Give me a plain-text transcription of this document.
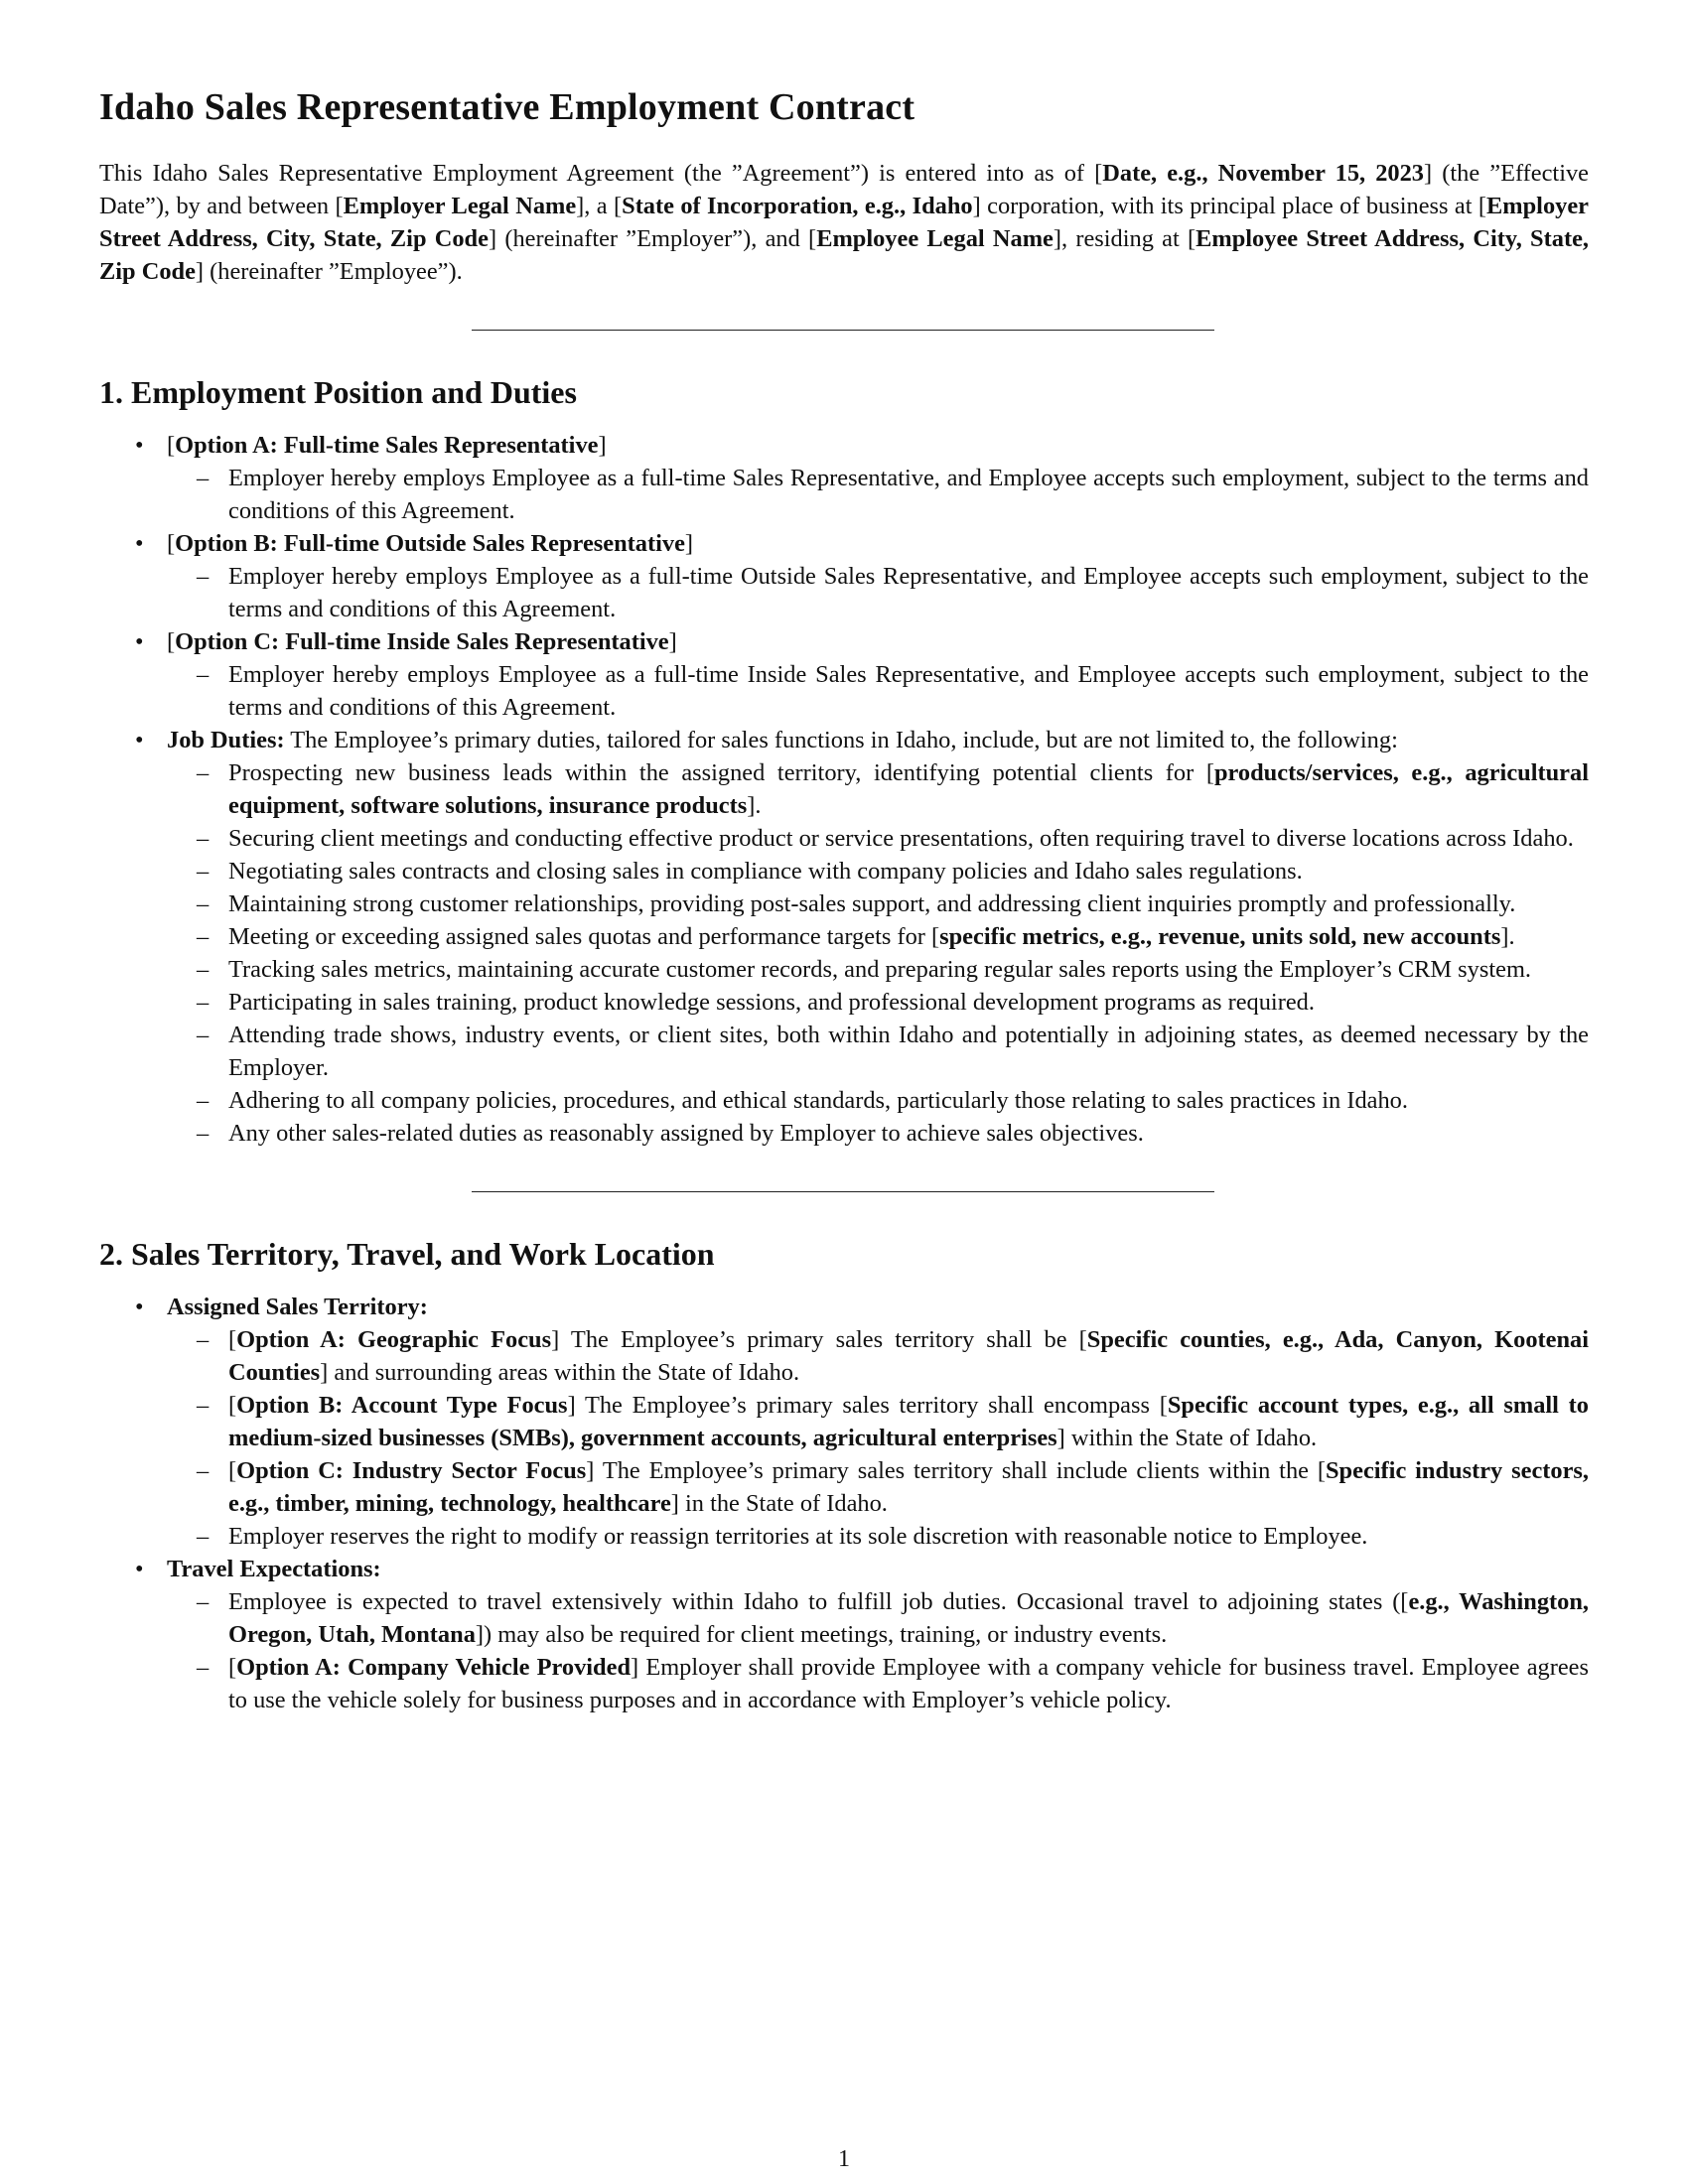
Idaho Sales Representative Employment Contract

This Idaho Sales Representative Employment Agreement (the ”Agreement”) is entered into as of [Date, e.g., November 15, 2023] (the ”Effective Date”), by and between [Employer Legal Name], a [State of Incorporation, e.g., Idaho] corporation, with its principal place of business at [Employer Street Address, City, State, Zip Code] (hereinafter ”Employer”), and [Employee Legal Name], residing at [Employee Street Address, City, State, Zip Code] (hereinafter ”Employee”).

1. Employment Position and Duties
• [Option A: Full-time Sales Representative]
– Employer hereby employs Employee as a full-time Sales Representative, and Employee accepts such employment, subject to the terms and conditions of this Agreement.
• [Option B: Full-time Outside Sales Representative]
– Employer hereby employs Employee as a full-time Outside Sales Representative, and Employee accepts such employment, subject to the terms and conditions of this Agreement.
• [Option C: Full-time Inside Sales Representative]
– Employer hereby employs Employee as a full-time Inside Sales Representative, and Employee accepts such employment, subject to the terms and conditions of this Agreement.
• Job Duties: The Employee’s primary duties, tailored for sales functions in Idaho, include, but are not limited to, the following:
– Prospecting new business leads within the assigned territory, identifying potential clients for [products/services, e.g., agricultural equipment, software solutions, insurance products].
– Securing client meetings and conducting effective product or service presentations, often requiring travel to diverse locations across Idaho.
– Negotiating sales contracts and closing sales in compliance with company policies and Idaho sales regulations.
– Maintaining strong customer relationships, providing post-sales support, and addressing client inquiries promptly and professionally.
– Meeting or exceeding assigned sales quotas and performance targets for [specific metrics, e.g., revenue, units sold, new accounts].
– Tracking sales metrics, maintaining accurate customer records, and preparing regular sales reports using the Employer’s CRM system.
– Participating in sales training, product knowledge sessions, and professional development programs as required.
– Attending trade shows, industry events, or client sites, both within Idaho and potentially in adjoining states, as deemed necessary by the Employer.
– Adhering to all company policies, procedures, and ethical standards, particularly those relating to sales practices in Idaho.
– Any other sales-related duties as reasonably assigned by Employer to achieve sales objectives.
2. Sales Territory, Travel, and Work Location
• Assigned Sales Territory:
– [Option A: Geographic Focus] The Employee’s primary sales territory shall be [Specific counties, e.g., Ada, Canyon, Kootenai Counties] and surrounding areas within the State of Idaho.
– [Option B: Account Type Focus] The Employee’s primary sales territory shall encompass [Specific account types, e.g., all small to medium-sized businesses (SMBs), government accounts, agricultural enterprises] within the State of Idaho.
– [Option C: Industry Sector Focus] The Employee’s primary sales territory shall include clients within the [Specific industry sectors, e.g., timber, mining, technology, healthcare] in the State of Idaho.
– Employer reserves the right to modify or reassign territories at its sole discretion with reasonable notice to Employee.
• Travel Expectations:
– Employee is expected to travel extensively within Idaho to fulfill job duties. Occasional travel to adjoining states ([e.g., Washington, Oregon, Utah, Montana]) may also be required for client meetings, training, or industry events.
– [Option A: Company Vehicle Provided] Employer shall provide Employee with a company vehicle for business travel. Employee agrees to use the vehicle solely for business purposes and in accordance with Employer’s vehicle policy.
1
